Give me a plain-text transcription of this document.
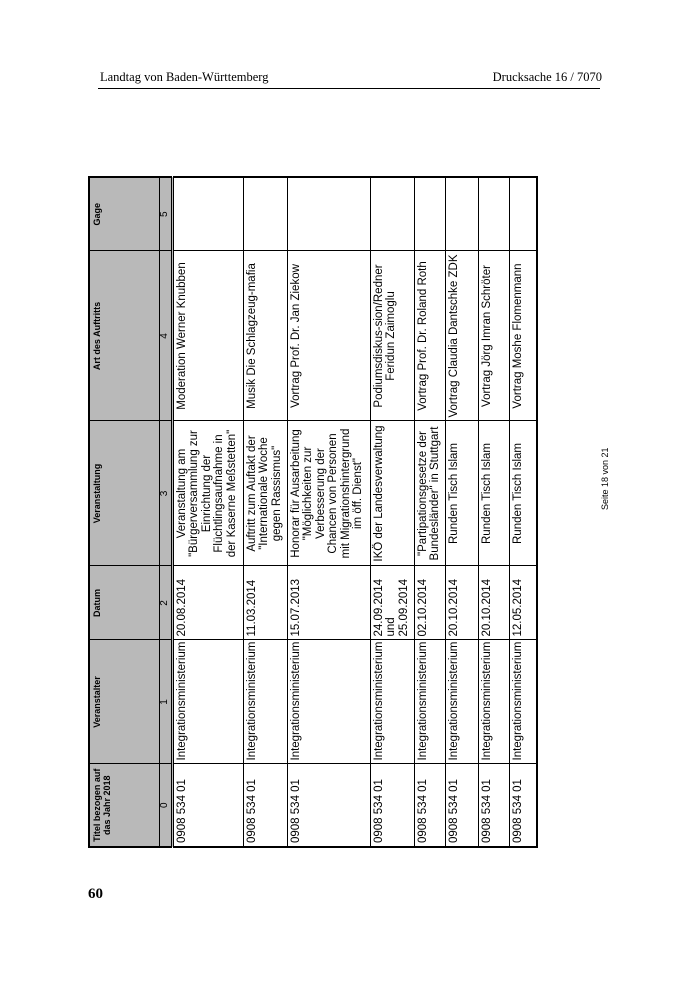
Landtag von Baden-Württemberg	Drucksache 16 / 7070
Titel bezogen auf das Jahr 2018	Veranstalter	Datum	Veranstaltung	Art des Auftritts	Gage
0	1	2	3	4	5
0908 534 01	Integrationsministerium	20.08.2014	Veranstaltung am "Bürgerversammlung zur Einrichtung der Flüchtlingsaufnahme in der Kaserne Meßstetten"	Moderation Werner Knubben	
0908 534 01	Integrationsministerium	11.03.2014	Auftritt zum Auftakt der "Internationale Woche gegen Rassismus"	Musik Die Schlagzeug-mafia	
0908 534 01	Integrationsministerium	15.07.2013	Honorar für Ausarbeitung "Möglichkeiten zur Verbesserung der Chancen von Personen mit Migrationshintergrund im öff. Dienst"	Vortrag Prof. Dr. Jan Ziekow	
0908 534 01	Integrationsministerium	24.09.2014 und 25.09.2014	IKÖ der Landesverwaltung	Podiumsdiskus-sion/Redner Feridun Zaimoglu	
0908 534 01	Integrationsministerium	02.10.2014	"Partipationsgesetze der Bundesländer" in Stuttgart	Vortrag Prof. Dr. Roland Roth	
0908 534 01	Integrationsministerium	20.10.2014	Runden Tisch Islam	Vortrag Claudia Dantschke ZDK	
0908 534 01	Integrationsministerium	20.10.2014	Runden Tisch Islam	Vortrag Jörg Imran Schröter	
0908 534 01	Integrationsministerium	12.05.2014	Runden Tisch Islam	Vortrag Moshe Flomenmann	
Seite 18 von 21
60
